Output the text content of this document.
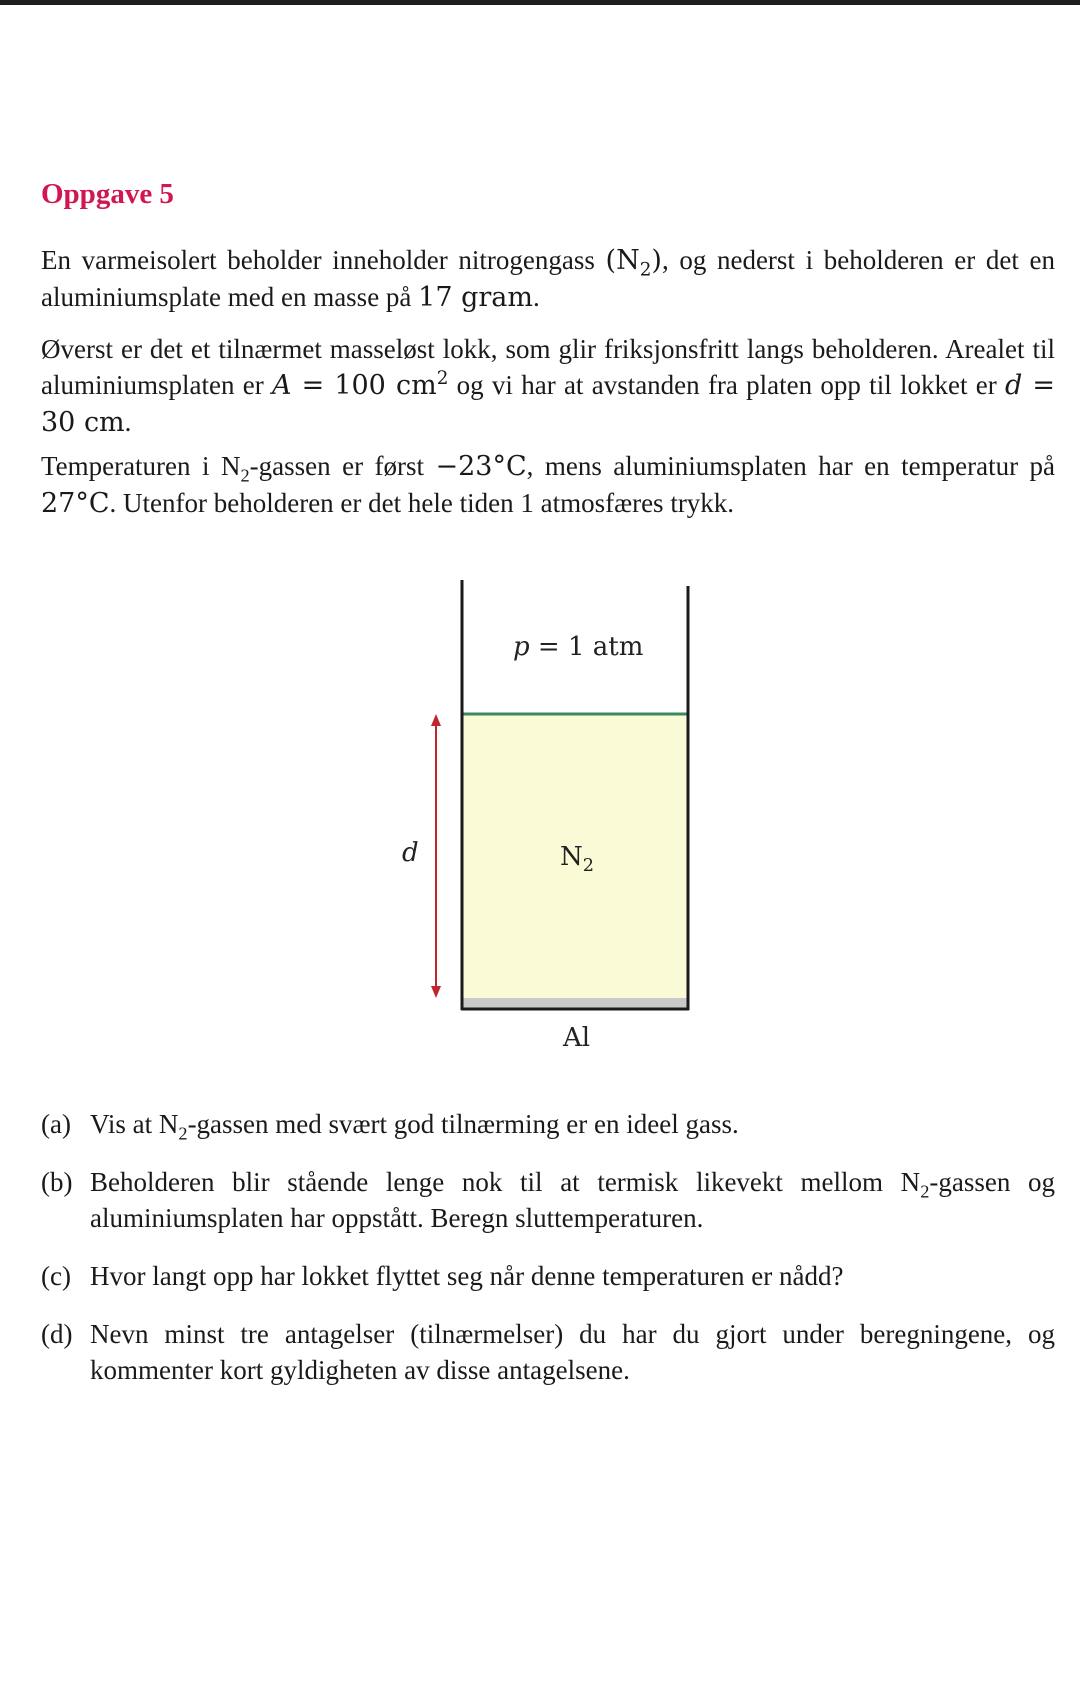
Oppgave 5

En varmeisolert beholder inneholder nitrogengass $(N_2)$, og nederst i beholderen er det en aluminiumsplate med en masse på 17 gram.

Øverst er det et tilnærmet masseløst lokk, som glir friksjonsfritt langs beholderen. Arealet til aluminiumsplaten er A = 100 $cm^2$ og vi har at avstanden fra platen opp til lokket er d = 30 cm.

Temperaturen i $N_2$-gassen er først −23°C, mens aluminiumsplaten har en temperatur på 27°C. Utenfor beholderen er det hele tiden 1 atmosfæres trykk.

p = 1 atm
$N_2$
d
Al
(a) Vis at $N_2$-gassen med svært god tilnærming er en ideel gass.
(b) Beholderen blir stående lenge nok til at termisk likevekt mellom $N_2$-gassen og aluminiumsplaten har oppstått. Beregn sluttemperaturen.
(c) Hvor langt opp har lokket flyttet seg når denne temperaturen er nådd?
(d) Nevn minst tre antagelser (tilnærmelser) du har du gjort under beregningene, og kommenter kort gyldigheten av disse antagelsene.
